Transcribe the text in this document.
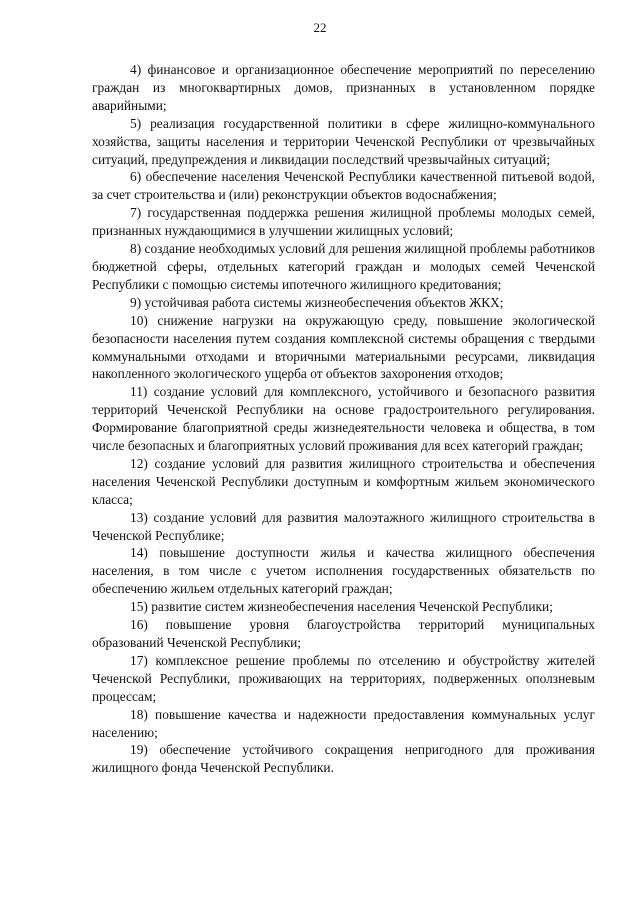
22

4) финансовое и организационное обеспечение мероприятий по переселению граждан из многоквартирных домов, признанных в установленном порядке аварийными;

5) реализация государственной политики в сфере жилищно-коммунального хозяйства, защиты населения и территории Чеченской Республики от чрезвычайных ситуаций, предупреждения и ликвидации последствий чрезвычайных ситуаций;

6) обеспечение населения Чеченской Республики качественной питьевой водой, за счет строительства и (или) реконструкции объектов водоснабжения;

7) государственная поддержка решения жилищной проблемы молодых семей, признанных нуждающимися в улучшении жилищных условий;

8) создание необходимых условий для решения жилищной проблемы работников бюджетной сферы, отдельных категорий граждан и молодых семей Чеченской Республики с помощью системы ипотечного жилищного кредитования;

9) устойчивая работа системы жизнеобеспечения объектов ЖКХ;

10) снижение нагрузки на окружающую среду, повышение экологической безопасности населения путем создания комплексной системы обращения с твердыми коммунальными отходами и вторичными материальными ресурсами, ликвидация накопленного экологического ущерба от объектов захоронения отходов;

11) создание условий для комплексного, устойчивого и безопасного развития территорий Чеченской Республики на основе градостроительного регулирования. Формирование благоприятной среды жизнедеятельности человека и общества, в том числе безопасных и благоприятных условий проживания для всех категорий граждан;

12) создание условий для развития жилищного строительства и обеспечения населения Чеченской Республики доступным и комфортным жильем экономического класса;

13) создание условий для развития малоэтажного жилищного строительства в Чеченской Республике;

14) повышение доступности жилья и качества жилищного обеспечения населения, в том числе с учетом исполнения государственных обязательств по обеспечению жильем отдельных категорий граждан;

15) развитие систем жизнеобеспечения населения Чеченской Республики;

16) повышение уровня благоустройства территорий муниципальных образований Чеченской Республики;

17) комплексное решение проблемы по отселению и обустройству жителей Чеченской Республики, проживающих на территориях, подверженных оползневым процессам;

18) повышение качества и надежности предоставления коммунальных услуг населению;

19) обеспечение устойчивого сокращения непригодного для проживания жилищного фонда Чеченской Республики.
